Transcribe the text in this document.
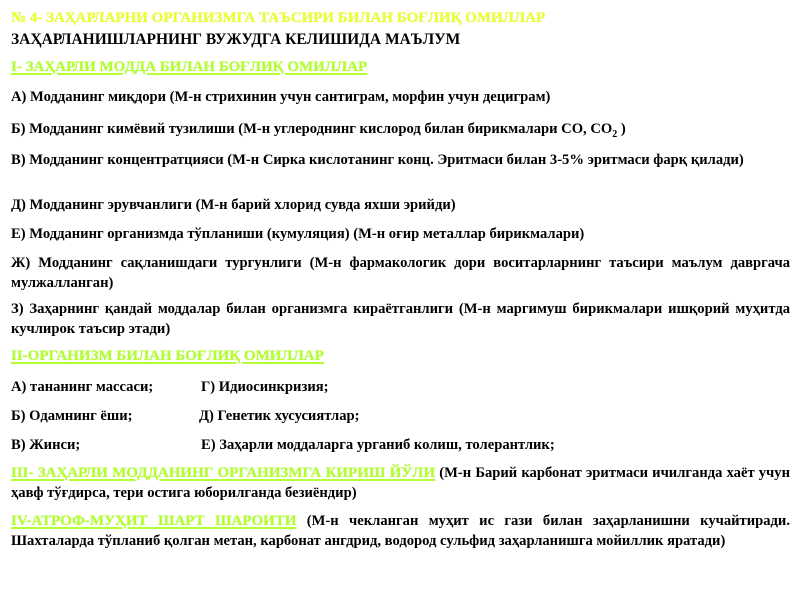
№ 4- ЗАҲАРЛАРНИ ОРГАНИЗМГА ТАЪСИРИ БИЛАН БОҒЛИҚ ОМИЛЛАР
ЗАҲАРЛАНИШЛАРНИНГ ВУЖУДГА КЕЛИШИДА МАЪЛУМ
I- ЗАҲАРЛИ МОДДА БИЛАН БОҒЛИҚ ОМИЛЛАР
А) Модданинг миқдори (М-н стрихинин учун сантиграм, морфин учун дециграм)
Б) Модданинг кимёвий тузилиши (М-н углероднинг кислород билан бирикмалари CO, $CO_2$ )
В) Модданинг концентратцияси (М-н Сирка кислотанинг конц. Эритмаси билан 3-5% эритмаси фарқ қилади)
Д) Модданинг эрувчанлиги (М-н барий хлорид сувда яхши эрийди)
Е) Модданинг организмда тўпланиши (кумуляция) (М-н оғир металлар бирикмалари)
Ж) Модданинг сақланишдаги тургунлиги (М-н фармакологик дори воситарларнинг таъсири маълум давргача мулжалланган)
З) Заҳарнинг қандай моддалар билан организмга кираётганлиги (М-н маргимуш бирикмалари ишқорий муҳитда кучлирок таъсир этади)
II-ОРГАНИЗМ БИЛАН БОҒЛИҚ ОМИЛЛАР
А) тананинг массаси;	Г) Идиосинкризия;
Б) Одамнинг ёши;	Д) Генетик хусусиятлар;
В) Жинси;	Е) Заҳарли моддаларга урганиб колиш, толерантлик;
III- ЗАҲАРЛИ МОДДАНИНГ ОРГАНИЗМГА КИРИШ ЙЎЛИ (М-н Барий карбонат эритмаси ичилганда хаёт учун ҳавф тўғдирса, тери остига юборилганда безиёндир)
IV-АТРОФ-МУҲИТ ШАРТ ШАРОИТИ (М-н чекланган муҳит ис гази билан заҳарланишни кучайтиради. Шахталарда тўпланиб қолган метан, карбонат ангдрид, водород сульфид заҳарланишга мойиллик яратади)
